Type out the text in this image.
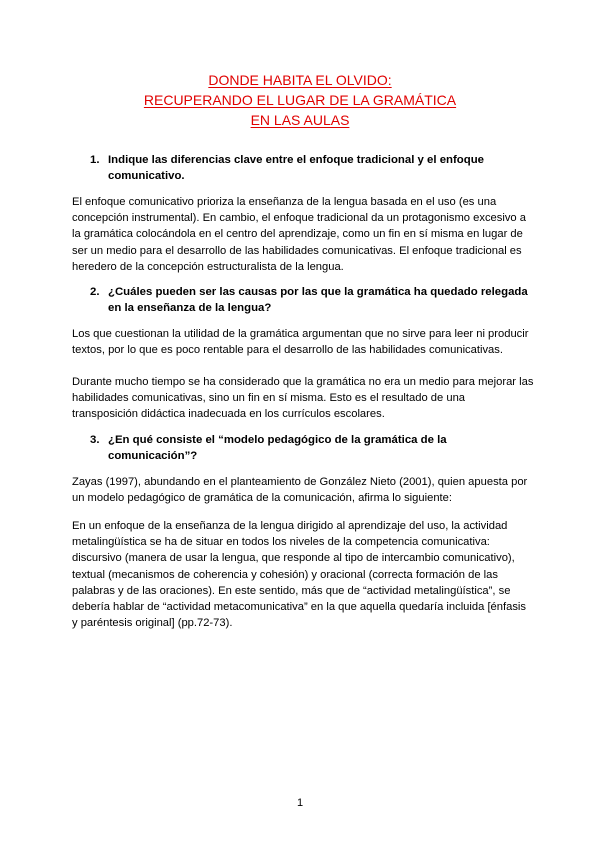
DONDE HABITA EL OLVIDO:
RECUPERANDO EL LUGAR DE LA GRAMÁTICA
EN LAS AULAS
1. Indique las diferencias clave entre el enfoque tradicional y el enfoque comunicativo.

El enfoque comunicativo prioriza la enseñanza de la lengua basada en el uso (es una concepción instrumental). En cambio, el enfoque tradicional da un protagonismo excesivo a la gramática colocándola en el centro del aprendizaje, como un fin en sí misma en lugar de ser un medio para el desarrollo de las habilidades comunicativas. El enfoque tradicional es heredero de la concepción estructuralista de la lengua.

2. ¿Cuáles pueden ser las causas por las que la gramática ha quedado relegada en la enseñanza de la lengua?

Los que cuestionan la utilidad de la gramática argumentan que no sirve para leer ni producir textos, por lo que es poco rentable para el desarrollo de las habilidades comunicativas.

Durante mucho tiempo se ha considerado que la gramática no era un medio para mejorar las habilidades comunicativas, sino un fin en sí misma. Esto es el resultado de una transposición didáctica inadecuada en los currículos escolares.

3. ¿En qué consiste el “modelo pedagógico de la gramática de la comunicación”?

Zayas (1997), abundando en el planteamiento de González Nieto (2001), quien apuesta por un modelo pedagógico de gramática de la comunicación, afirma lo siguiente:

En un enfoque de la enseñanza de la lengua dirigido al aprendizaje del uso, la actividad metalingüística se ha de situar en todos los niveles de la competencia comunicativa: discursivo (manera de usar la lengua, que responde al tipo de intercambio comunicativo), textual (mecanismos de coherencia y cohesión) y oracional (correcta formación de las palabras y de las oraciones). En este sentido, más que de “actividad metalingüística”, se debería hablar de “actividad metacomunicativa” en la que aquella quedaría incluida [énfasis y paréntesis original] (pp.72-73).

1
